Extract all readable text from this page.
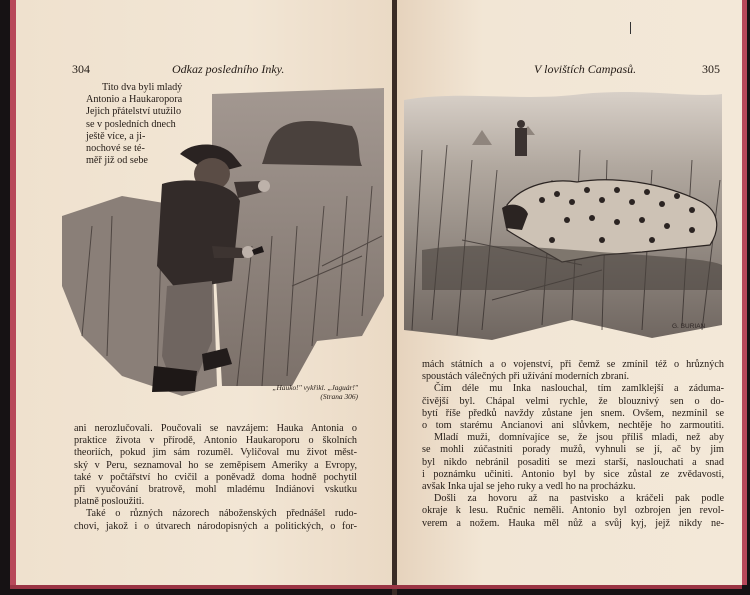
304	Odkaz posledního Inky.
Tito dva byli mladý
Antonio a Haukaropora
Jejich přátelství utužilo
se v posledních dnech
ještě více, a ji-
nochové se té-
měř již od sebe
„Hauko!" vykřikl. „Jaguár!"
(Strana 306)
ani nerozlučovali. Poučovali se navzájem: Hauka Antonia o
praktice života v přírodě, Antonio Haukaroporu o školních
theoriích, pokud jim sám rozuměl. Vyličoval mu život měst-
ský v Peru, seznamoval ho se zeměpisem Ameriky a Evropy,
také v počtářství ho cvičil a poněvadž doma hodně pochytil
při vyučování bratrově, mohl mladému Indiánovi vskutku
platně posloužiti.
Také o různých názorech náboženských přednášel rudo-
chovi, jakož i o útvarech národopisných a politických, o for-
V lovištích Campasů.	305
G. BURIAN
mách státních a o vojenství, při čemž se zmínil též o hrůzných
spoustách válečných při užívání moderních zbraní.
Čím déle mu Inka naslouchal, tím zamlklejší a záduma-
čivější byl. Chápal velmi rychle, že blouznivý sen o do-
bytí říše předků navždy zůstane jen snem. Ovšem, nezmínil se
o tom starému Ancianovi ani slůvkem, nechtěje ho zarmoutiti.
Mladí muži, domnívajíce se, že jsou příliš mladi, než aby
se mohli zúčastniti porady mužů, vyhnuli se jí, ač by jim
byl nikdo nebránil posaditi se mezi starší, naslouchati a snad
i poznámku učiniti. Antonio byl by sice zůstal ze zvědavosti,
avšak Inka ujal se jeho ruky a vedl ho na procházku.
Došli za hovoru až na pastvisko a kráčeli pak podle
okraje k lesu. Ručnic neměli. Antonio byl ozbrojen jen revol-
verem a nožem. Hauka měl nůž a svůj kyj, jejž nikdy ne-
